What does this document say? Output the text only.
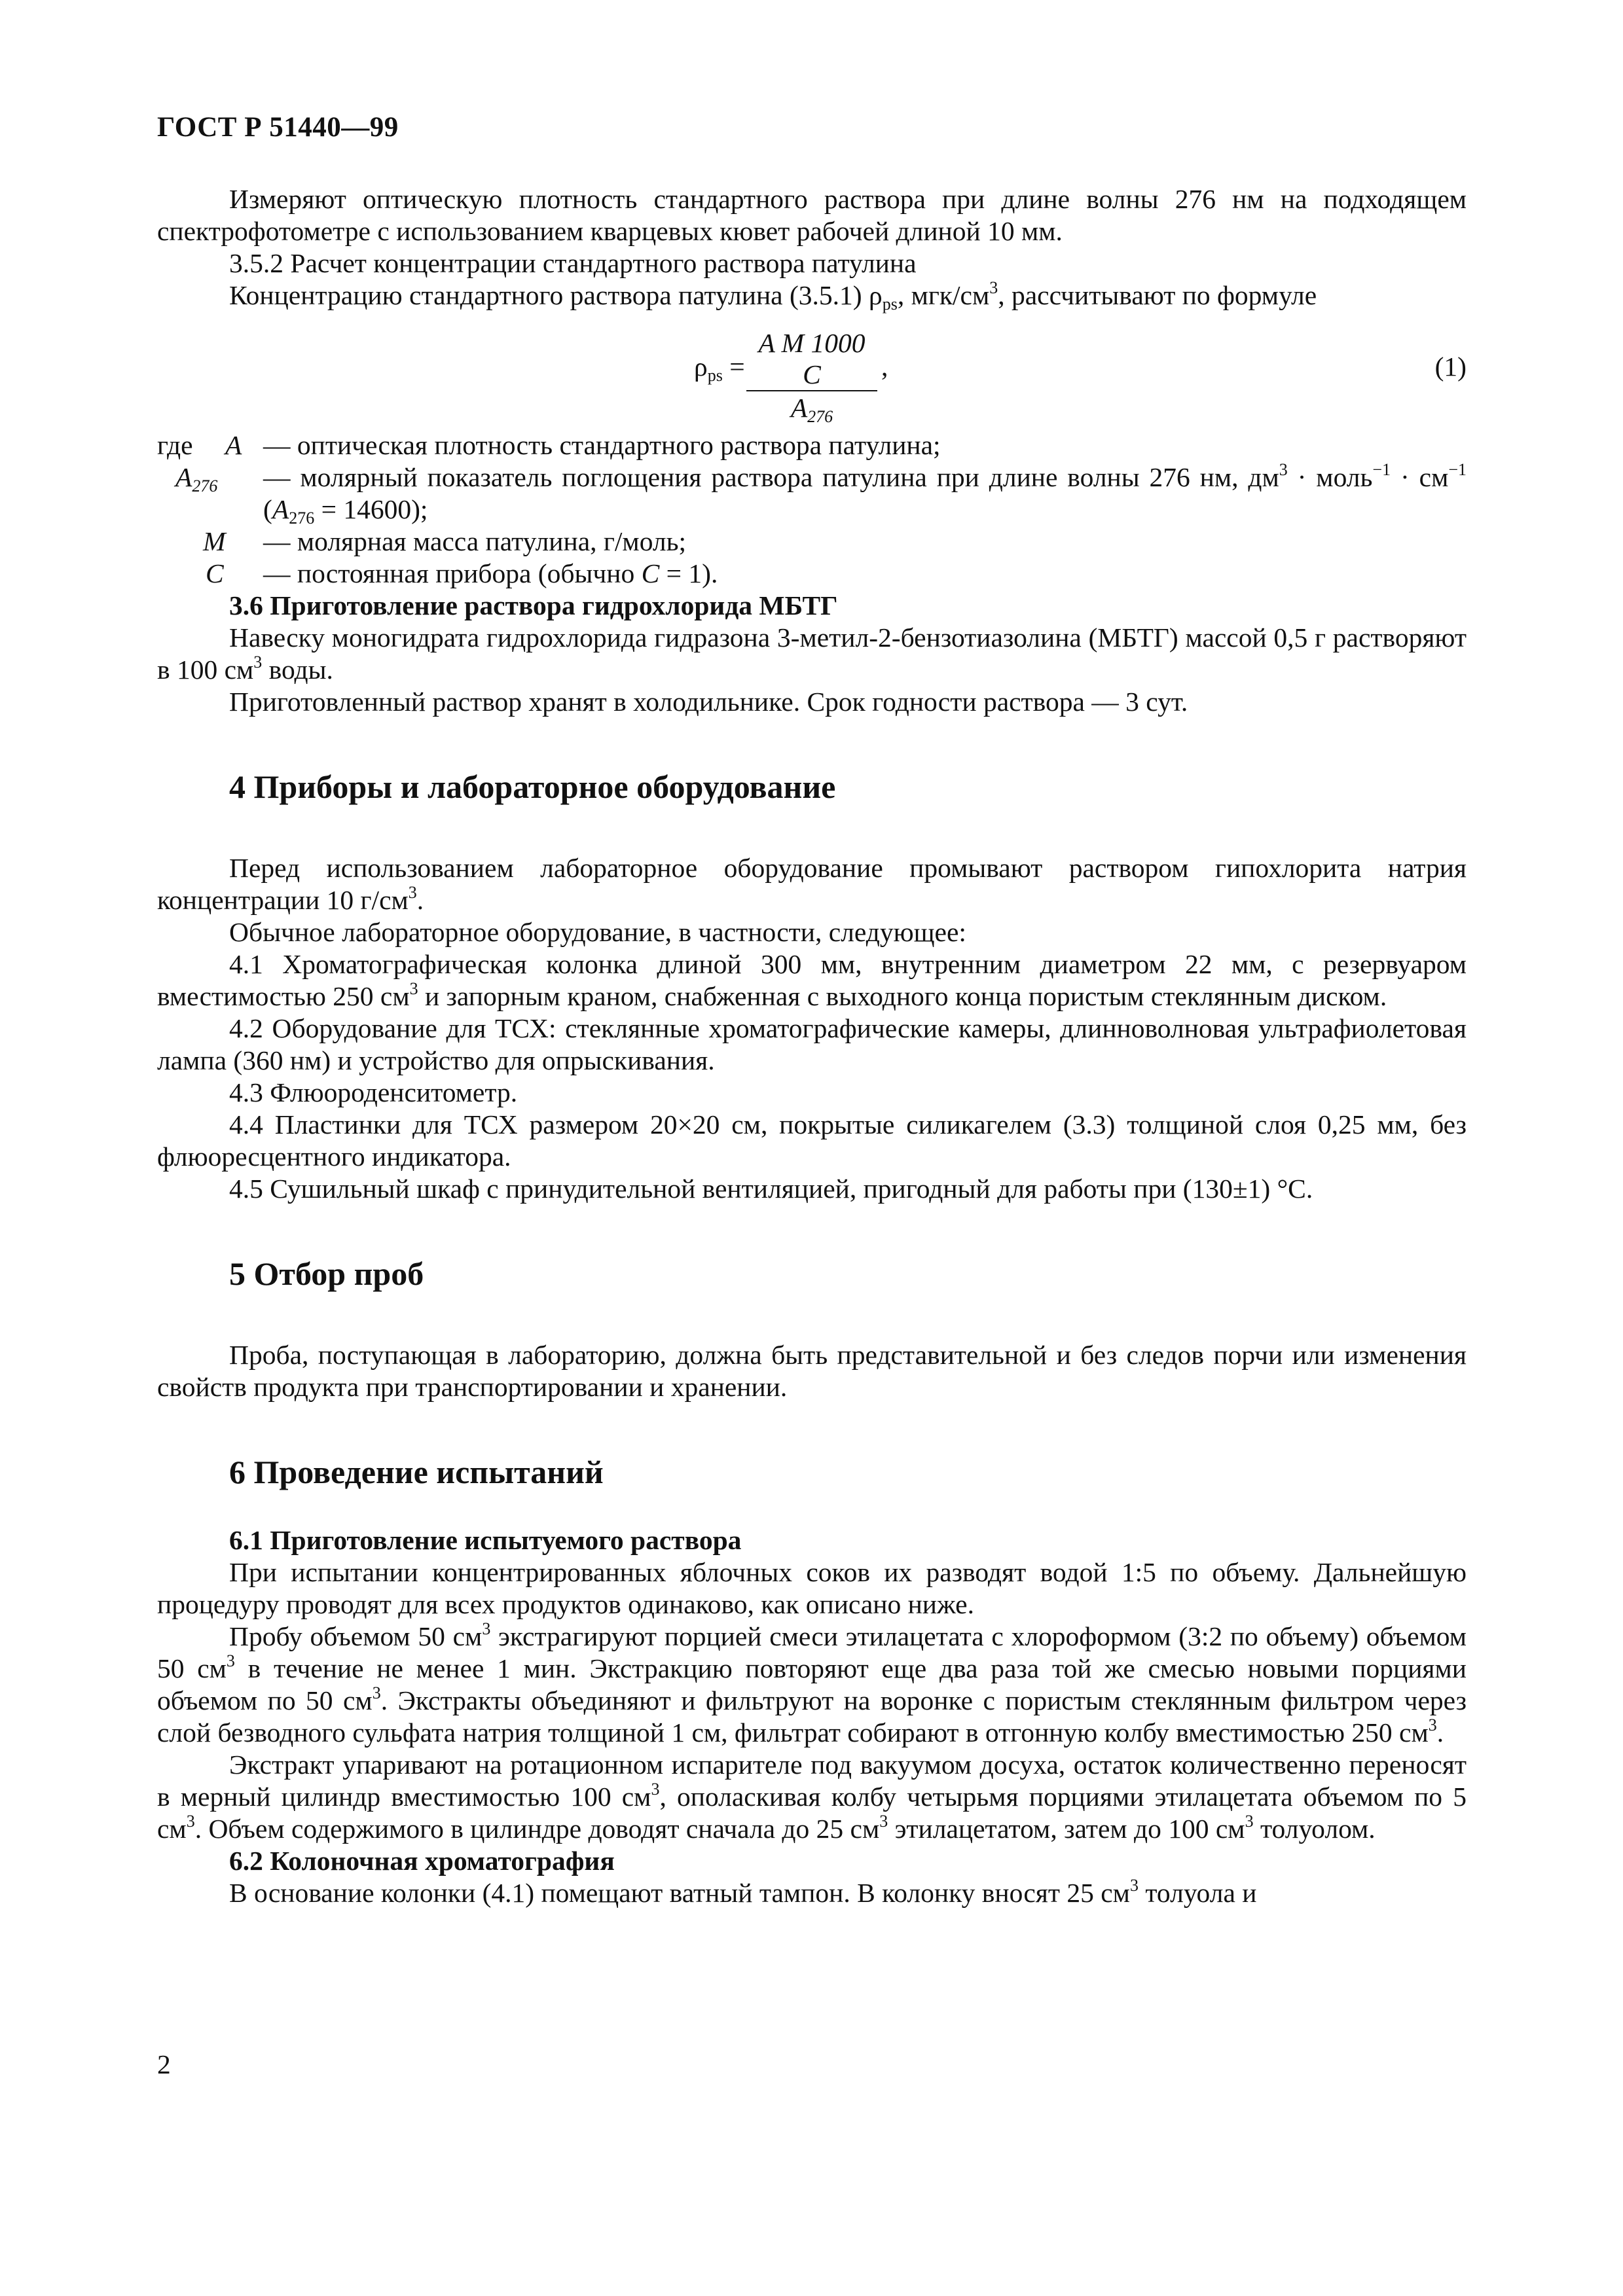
ГОСТ Р 51440—99

Измеряют оптическую плотность стандартного раствора при длине волны 276 нм на подходящем спектрофотометре с использованием кварцевых кювет рабочей длиной 10 мм.

3.5.2 Расчет концентрации стандартного раствора патулина

Концентрацию стандартного раствора патулина (3.5.1) $\rho_{ps}$, мгк/$см^3$, рассчитывают по формуле

$\rho_{ps} = \frac{\text{A M 1000 C}}{A_{276}}$ ,	(1)
где	A — оптическая плотность стандартного раствора патулина;
$A_{276}$	— молярный показатель поглощения раствора патулина при длине волны 276 нм, $дм^3$ · моль$^{-1}$ · $см^{-1}$ $(A_{276} = 14600)$;
M	— молярная масса патулина, г/моль;
C	— постоянная прибора (обычно C = 1).

3.6 Приготовление раствора гидрохлорида МБТГ

Навеску моногидрата гидрохлорида гидразона 3-метил-2-бензотиазолина (МБТГ) массой 0,5 г растворяют в 100 $см^3$ воды.

Приготовленный раствор хранят в холодильнике. Срок годности раствора — 3 сут.

4 Приборы и лабораторное оборудование

Перед использованием лабораторное оборудование промывают раствором гипохлорита натрия концентрации 10 $г/см^3$.

Обычное лабораторное оборудование, в частности, следующее:

4.1 Хроматографическая колонка длиной 300 мм, внутренним диаметром 22 мм, с резервуаром вместимостью 250 $см^3$ и запорным краном, снабженная с выходного конца пористым стеклянным диском.

4.2 Оборудование для ТСХ: стеклянные хроматографические камеры, длинноволновая ультрафиолетовая лампа (360 нм) и устройство для опрыскивания.

4.3 Флюороденситометр.

4.4 Пластинки для ТСХ размером 20×20 см, покрытые силикагелем (3.3) толщиной слоя 0,25 мм, без флюоресцентного индикатора.

4.5 Сушильный шкаф с принудительной вентиляцией, пригодный для работы при (130±1) °С.

5 Отбор проб

Проба, поступающая в лабораторию, должна быть представительной и без следов порчи или изменения свойств продукта при транспортировании и хранении.

6 Проведение испытаний

6.1 Приготовление испытуемого раствора

При испытании концентрированных яблочных соков их разводят водой 1:5 по объему. Дальнейшую процедуру проводят для всех продуктов одинаково, как описано ниже.

Пробу объемом 50 $см^3$ экстрагируют порцией смеси этилацетата с хлороформом (3:2 по объему) объемом 50 $см^3$ в течение не менее 1 мин. Экстракцию повторяют еще два раза той же смесью новыми порциями объемом по 50 $см^3$. Экстракты объединяют и фильтруют на воронке с пористым стеклянным фильтром через слой безводного сульфата натрия толщиной 1 см, фильтрат собирают в отгонную колбу вместимостью 250 $см^3$.

Экстракт упаривают на ротационном испарителе под вакуумом досуха, остаток количественно переносят в мерный цилиндр вместимостью 100 $см^3$, ополаскивая колбу четырьмя порциями этилацетата объемом по 5 $см^3$. Объем содержимого в цилиндре доводят сначала до 25 $см^3$ этилацетатом, затем до 100 $см^3$ толуолом.

6.2 Колоночная хроматография

В основание колонки (4.1) помещают ватный тампон. В колонку вносят 25 $см^3$ толуола и

2
